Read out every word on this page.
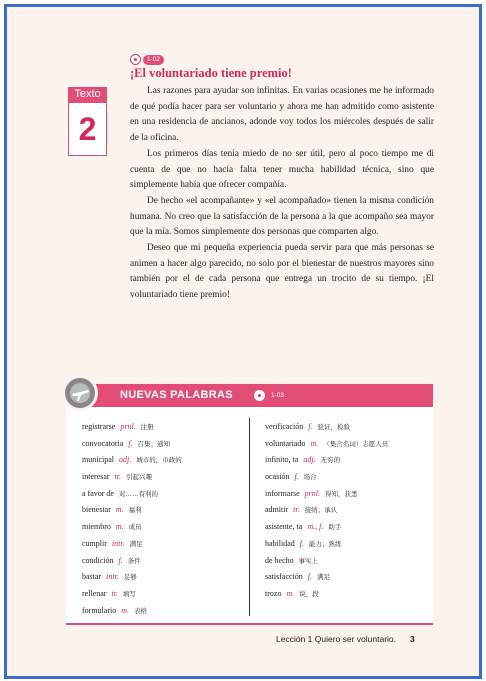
1-02
¡El voluntariado tiene premio!
Texto
2

Las razones para ayudar son infinitas. En varias ocasiones me he informado de qué podía hacer para ser voluntario y ahora me han admitido como asistente en una residencia de ancianos, adonde voy todos los miércoles después de salir de la oficina.

Los primeros días tenía miedo de no ser útil, pero al poco tiempo me di cuenta de que no hacía falta tener mucha habilidad técnica, sino que simplemente había que ofrecer compañía.

De hecho «el acompañante» y «el acompañado» tienen la misma condición humana. No creo que la satisfacción de la persona a la que acompaño sea mayor que la mía. Somos simplemente dos personas que comparten algo.

Deseo que mi pequeña experiencia pueda servir para que más personas se animen a hacer algo parecido, no solo por el bienestar de nuestros mayores sino también por el de cada persona que entrega un trocito de su tiempo. ¡El voluntariado tiene premio!

NUEVAS PALABRAS	1-03
registrarse prnl. 注册
convocatoria f. 召集；通知
municipal adj. 城市的，市政的
interesar tr. 引起兴趣
a favor de 对……有利的
bienestar m. 福利
miembro m. 成员
cumplir intr. 满足
condición f. 条件
bastar intr. 足够
rellenar tr. 填写
formulario m. 表格
verificación f. 验证，检验
voluntariado m. （集合名词）志愿人员
infinito, ta adj. 无穷的
ocasión f. 场合
informarse prnl. 得知，获悉
admitir tr. 接纳；承认
asistente, ta m., f. 助手
habilidad f. 能力；熟练
de hecho 事实上
satisfacción f. 满足
trozo m. 块，段
Lección 1 Quiero ser voluntario. 3
